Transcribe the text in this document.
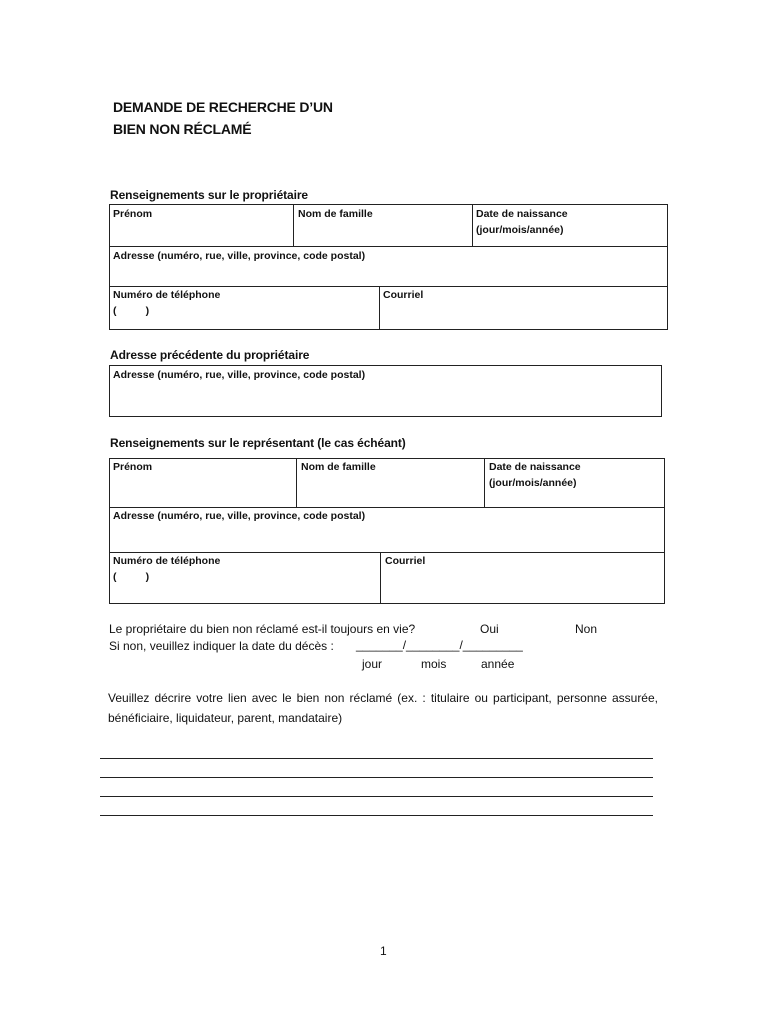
DEMANDE DE RECHERCHE D’UN
BIEN NON RÉCLAMÉ
Renseignements sur le propriétaire
Prénom	Nom de famille	Date de naissance
(jour/mois/année)
Adresse (numéro, rue, ville, province, code postal)
Numéro de téléphone
(          )
Courriel
Adresse précédente du propriétaire
Adresse (numéro, rue, ville, province, code postal)
Renseignements sur le représentant (le cas échéant)
Prénom	Nom de famille	Date de naissance
(jour/mois/année)
Adresse (numéro, rue, ville, province, code postal)
Numéro de téléphone
(          )
Courriel
Le propriétaire du bien non réclamé est-il toujours en vie?	Oui	Non
Si non, veuillez indiquer la date du décès : _______/________/_________
jour	mois	année
Veuillez décrire votre lien avec le bien non réclamé (ex. : titulaire ou participant, personne assurée, bénéficiaire, liquidateur, parent, mandataire)
1
